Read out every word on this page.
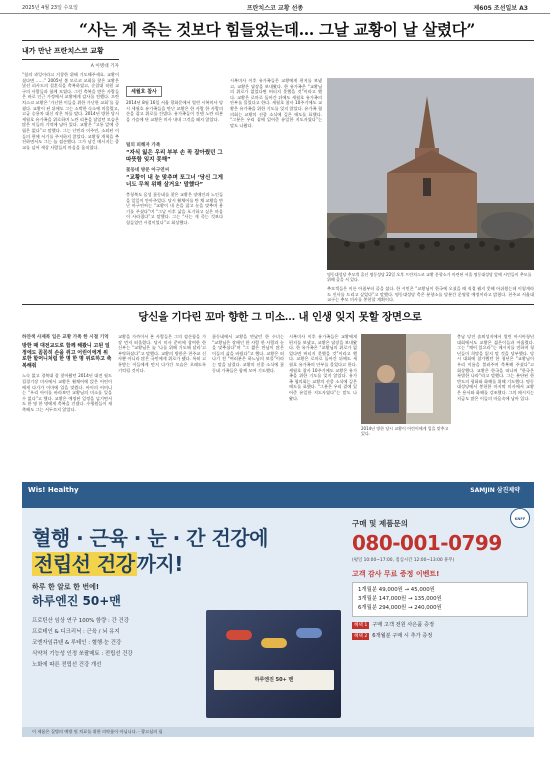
2025년 4월 23일 수요일	프란치스코 교황 선종	제605 조선일보 A3
“사는 게 죽는 것보다 힘들었는데… 그날 교황이 날 살렸다”
내가 만난 프란치스코 교황
A 이병대 기자
“힘의 과잉이라고 거창한 위해 기도해주세요. 교황이셨다면 ……” 2005년 봄 모로코 교회를 찾은 교황은 낯선 피사드의 결혼식을 축복하였고, 순찰대 직원 교구의 사람들과 함께 모였다. 그런 축복을 받은 사람들은 바로 인근 가정에서 교황에게 감사를 전했다. 프란치스코 교황은 ‘가난한 이들을 위한 가난한 교회’를 꿈꿨다. 교황이 된 뒤에도 그는 소박한 숙소에 머물렀고, 고급 승용차 대신 작은 차를 탔다. 2014년 방한 당시 세월호 유가족을 위로하며 노란 리본을 달았던 모습은 많은 이들의 기억에 남아 있다. 교황은 “고통 앞에 중립은 없다”고 말했다. 그는 난민과 이주민, 소외된 이들의 편에 서기를 주저하지 않았다. 교황청 개혁을 추진하면서도 그는 늘 겸손했다. 그가 남긴 메시지는 종교를 넘어 세상 사람들의 마음을 움직였다.
세월호 참사
2014년 8월 16일 서울 광화문에서 열린 시복미사 당시 세월호 유가족들을 만난 교황은 한 사람 한 사람의 손을 잡고 위로를 건넸다. 유가족들이 건넨 노란 리본을 가슴에 단 교황은 미사 내내 그것을 떼지 않았다.
털의 피해자 가족
“자식 잃은 우리 부부 손 꼭 잡아줬던 그 따뜻함 잊지 못해”
꽃동네 방문 아구연씨
“교황이 내 눈 맞추며 포그너 ‘당신 그게 너도 무척 위해 살거요’ 말했다”
충청북도 음성 꽃동네를 찾은 교황은 장애인과 노인들을 일일이 안아주었다. 당시 휠체어를 탄 채 교황을 만난 아구연씨는 “교황이 내 손을 잡고 눈을 맞추며 용기를 주셨다”며 “그날 이후 삶을 포기하고 싶은 마음이 사라졌다”고 말했다. 그는 “사는 게 죽는 것보다 힘들었던 시절이었다”고 회상했다.
시복미사 이후 유가족들은 교황에게 편지를 보냈고, 교황은 답장을 보내왔다. 한 유가족은 “교황님의 위로가 없었다면 버티지 못했을 것”이라고 했다. 교황은 로마로 돌아간 뒤에도 세월호 유가족의 안부를 물었다고 한다. 세월호 참사 10주기에도 교황은 유가족을 위한 기도를 잊지 않았다. 유가족 협의회는 교황의 선종 소식에 깊은 애도를 표했다. “그분은 우리 곁에 있어준 유일한 지도자였다”는 말도 나왔다.
명동대성당 추모객 줄선 명동성당 22일 오후 프란치스코 교황 분향소가 마련된 서울 명동대성당 앞에 시민들이 추모를 위해 줄을 서 있다.
추모객들은 이른 아침부터 줄을 섰다. 한 시민은 “교황님이 한국에 오셨을 때 직접 뵙지 못해 아쉬웠는데 이렇게라도 인사를 드리고 싶었다”고 말했다. 명동대성당 측은 분향소를 당분간 운영할 예정이라고 밝혔다. 천주교 서울대교구는 추모 미사를 봉헌할 계획이다.
당신을 기다린 꼬마 향한 그 미소… 내 인생 잊지 못할 장면으로
하얀색 사제복 입은 교황 가족 한 시절 기억
방한 때 대전교도로 함께 해봤니 고된 일정에도 꼼꼼히 손을 쥐고 어린이에게 위로한 할머니처럼 한 명 한 명 위로하고 축복해줘
노숙 없고 경북대 잘 찾아왔던 2014년 대전 월드컵경기장 미사에서 교황은 휠체어에 앉은 어린이에게 다가가 이마에 입을 맞췄다. 아이의 어머니는 “우리 아이를 바라보던 교황님의 미소를 잊을 수 없다”고 했다. 교황은 예정된 일정을 넘기면서도 한 명 한 명에게 축복을 건넸다. 수행원들이 재촉해도 그는 서두르지 않았다.
교황을 가까이서 본 사람들은 그의 겸손함을 가장 먼저 떠올렸다. 당시 미사 준비에 참여한 한 신부는 “교황님은 늘 ‘나를 위해 기도해 달라’고 부탁하셨다”고 말했다. 교황의 방한은 천주교 신자뿐 아니라 많은 국민에게 위로가 됐다. 특히 고통받는 이들에게 먼저 다가간 모습은 오래도록 기억될 것이다.
꽃동네에서 교황을 만났던 한 수녀는 “교황님은 장애인 한 사람 한 사람과 눈을 맞추셨다”며 “그 짧은 만남이 많은 이들의 삶을 바꿨다”고 했다. 교황은 떠나기 전 “여러분은 하느님의 보물”이라는 말을 남겼다. 교황의 선종 소식에 꽃동네 가족들은 함께 모여 기도했다.
시복미사 이후 유가족들은 교황에게 편지를 보냈고, 교황은 답장을 보내왔다. 한 유가족은 “교황님의 위로가 없었다면 버티지 못했을 것”이라고 했다. 교황은 로마로 돌아간 뒤에도 세월호 유가족의 안부를 물었다고 한다. 세월호 참사 10주기에도 교황은 유가족을 위한 기도를 잊지 않았다. 유가족 협의회는 교황의 선종 소식에 깊은 애도를 표했다. “그분은 우리 곁에 있어준 유일한 지도자였다”는 말도 나왔다.
2014년 방한 당시 교황이 어린이에게 입을 맞추고 있다.
충남 당진 솔뫼성지에서 열린 아시아청년대회에서도 교황은 젊은이들과 어울렸다. 그는 “깨어 있으라”는 메시지를 전하며 청년들이 희망을 잃지 말 것을 당부했다. 당시 대회에 참가했던 한 청년은 “교황님이 우리 이름을 불러주며 축복해 주셨다”고 회상했다. 교황은 한국을 떠나며 “한국은 특별한 나라”라고 말했다. 그는 분단된 한반도의 평화와 화해를 위해 기도했다. 명동대성당에서 봉헌한 마지막 미사에서 교황은 용서와 화해를 강조했다. 그의 메시지는 지금도 많은 이들의 마음속에 남아 있다.
Wis! Healthy	SAMJIN 삼진제약
KNFF
혈행 · 근육 · 눈 · 간 건강에
전립선 건강 까지!
하루 한 알로 한 번에!
하루엔진 50+맨
프로틴산 임상 연구 100% 함량 : 간 건강
프로테인 & 디크리닉 : 근육 / 뇌 유지
코엔자임큐텐 & 루테인 : 혈행·눈 건강
식약처 기능성 인정 쏘팔메토 : 전립선 건강
노화에 따른 전립선 건강 개선
하루엔진 50+ 맨
구매 및 제품문의
080-001-0799
(평일 10:00~17:00, 점심시간 12:00~13:00 휴무)
고객 감사 무료 증정 이벤트!
1개월분 49,000원 → 45,000원
3개월분 147,000원 → 135,000원
6개월분 294,000원 → 240,000원
혜택 1 구매 고객 전원 사은품 증정
혜택 2 6개월분 구매 시 추가 증정
이 제품은 질병의 예방 및 치료를 위한 의약품이 아닙니다. · 광고심의 필
